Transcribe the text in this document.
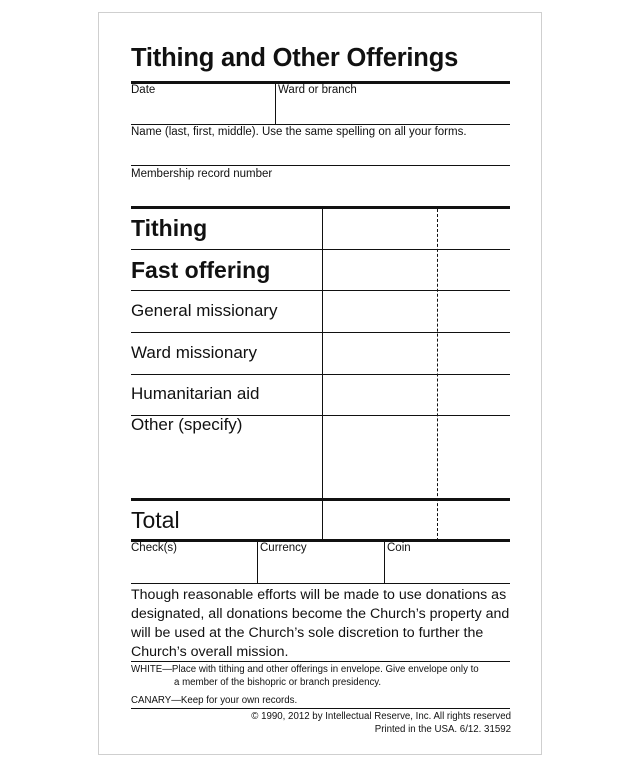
Tithing and Other Offerings
Date	Ward or branch
Name (last, first, middle). Use the same spelling on all your forms.
Membership record number
Tithing
Fast offering
General missionary
Ward missionary
Humanitarian aid
Other (specify)
Total
Check(s)	Currency	Coin
Though reasonable efforts will be made to use donations as designated, all donations become the Church’s property and will be used at the Church’s sole discretion to further the Church’s overall mission.
WHITE—Place with tithing and other offerings in envelope. Give envelope only to
a member of the bishopric or branch presidency.
CANARY—Keep for your own records.
© 1990, 2012 by Intellectual Reserve, Inc. All rights reserved
Printed in the USA. 6/12. 31592
